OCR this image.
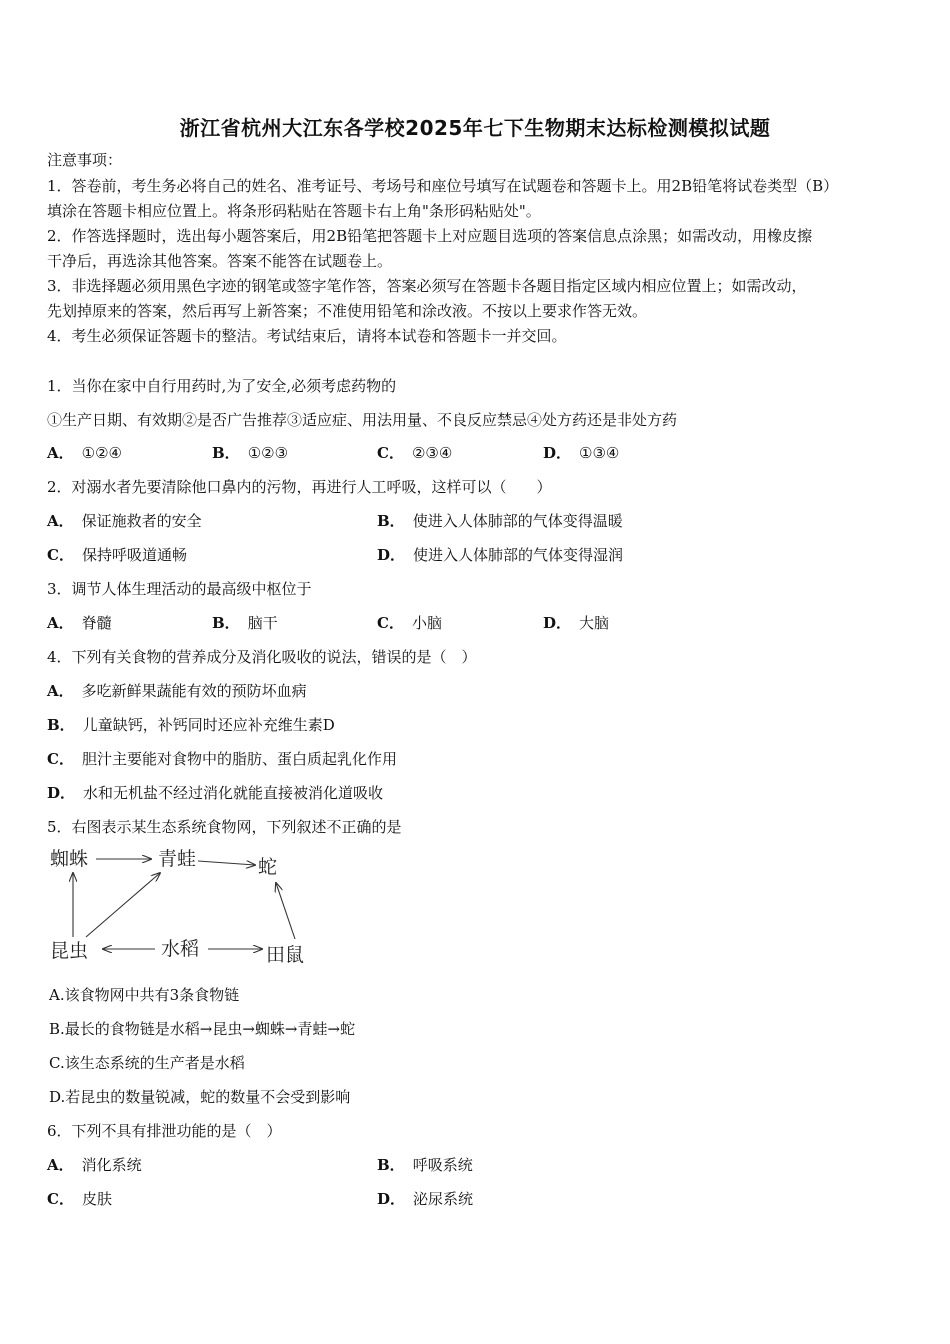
浙江省杭州大江东各学校2025年七下生物期末达标检测模拟试题
注意事项：
1．答卷前，考生务必将自己的姓名、准考证号、考场号和座位号填写在试题卷和答题卡上。用2B铅笔将试卷类型（B）
填涂在答题卡相应位置上。将条形码粘贴在答题卡右上角"条形码粘贴处"。
2．作答选择题时，选出每小题答案后，用2B铅笔把答题卡上对应题目选项的答案信息点涂黑；如需改动，用橡皮擦
干净后，再选涂其他答案。答案不能答在试题卷上。
3．非选择题必须用黑色字迹的钢笔或签字笔作答，答案必须写在答题卡各题目指定区域内相应位置上；如需改动，
先划掉原来的答案，然后再写上新答案；不准使用铅笔和涂改液。不按以上要求作答无效。
4．考生必须保证答题卡的整洁。考试结束后，请将本试卷和答题卡一并交回。
1．当你在家中自行用药时,为了安全,必须考虑药物的
①生产日期、有效期②是否广告推荐③适应症、用法用量、不良反应禁忌④处方药还是非处方药
A． ①②④	B． ①②③	C． ②③④	D． ①③④
2．对溺水者先要清除他口鼻内的污物，再进行人工呼吸，这样可以（　　）
A． 保证施救者的安全	B． 使进入人体肺部的气体变得温暖
C． 保持呼吸道通畅	D． 使进入人体肺部的气体变得湿润
3．调节人体生理活动的最高级中枢位于
A． 脊髓	B． 脑干	C． 小脑	D． 大脑
4．下列有关食物的营养成分及消化吸收的说法，错误的是（　）
A． 多吃新鲜果蔬能有效的预防坏血病
B． 儿童缺钙，补钙同时还应补充维生素D
C． 胆汁主要能对食物中的脂肪、蛋白质起乳化作用
D． 水和无机盐不经过消化就能直接被消化道吸收
5．右图表示某生态系统食物网，下列叙述不正确的是
蜘蛛	青蛙	蛇
昆虫	水稻	田鼠
A.该食物网中共有3条食物链
B.最长的食物链是水稻→昆虫→蜘蛛→青蛙→蛇
C.该生态系统的生产者是水稻
D.若昆虫的数量锐减，蛇的数量不会受到影响
6．下列不具有排泄功能的是（　）
A． 消化系统	B． 呼吸系统
C． 皮肤	D． 泌尿系统
